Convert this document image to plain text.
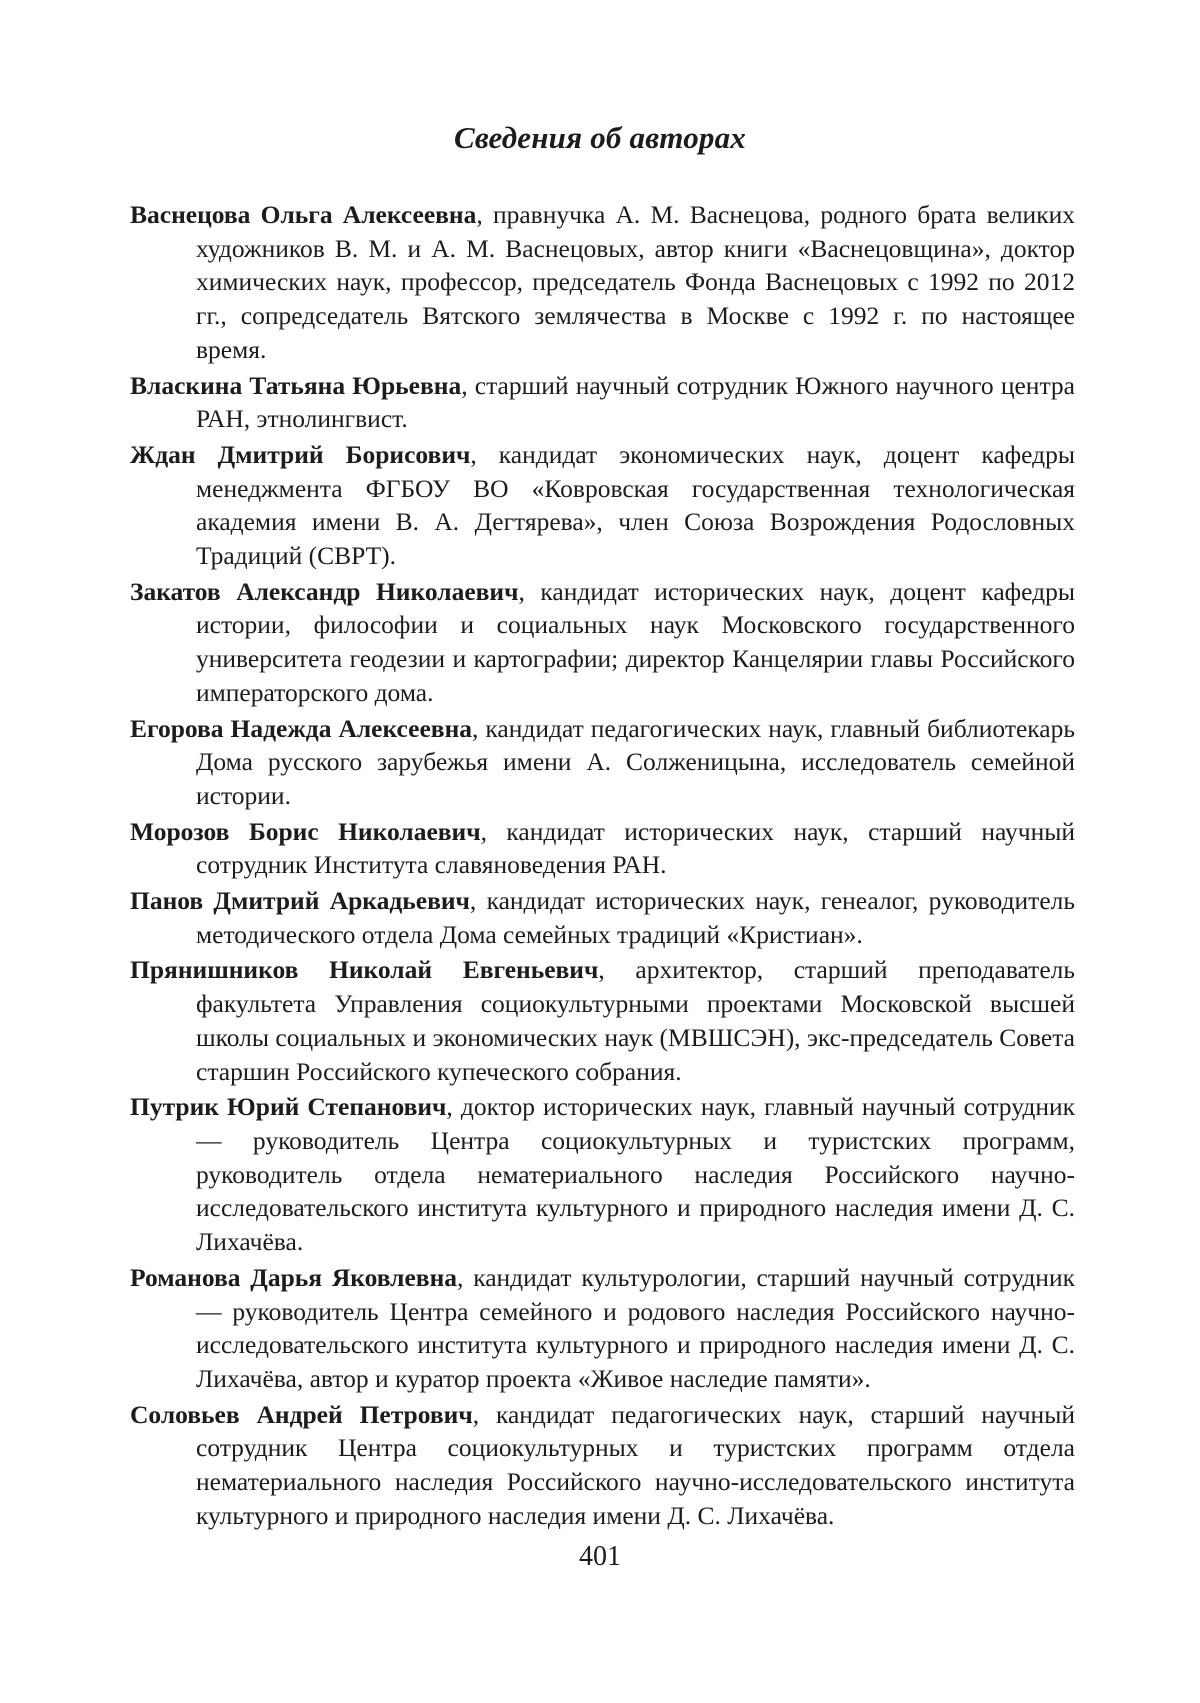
Сведения об авторах

Васнецова Ольга Алексеевна, правнучка А. М. Васнецова, родного брата великих художников В. М. и А. М. Васнецовых, автор книги «Васнецовщина», доктор химических наук, профессор, председатель Фонда Васнецовых с 1992 по 2012 гг., сопредседатель Вятского землячества в Москве с 1992 г. по настоящее время.

Власкина Татьяна Юрьевна, старший научный сотрудник Южного научного центра РАН, этнолингвист.

Ждан Дмитрий Борисович, кандидат экономических наук, доцент кафедры менеджмента ФГБОУ ВО «Ковровская государственная технологическая академия имени В. А. Дегтярева», член Союза Возрождения Родословных Традиций (СВРТ).

Закатов Александр Николаевич, кандидат исторических наук, доцент кафедры истории, философии и социальных наук Московского государственного университета геодезии и картографии; директор Канцелярии главы Российского императорского дома.

Егорова Надежда Алексеевна, кандидат педагогических наук, главный библиотекарь Дома русского зарубежья имени А. Солженицына, исследователь семейной истории.

Морозов Борис Николаевич, кандидат исторических наук, старший научный сотрудник Института славяноведения РАН.

Панов Дмитрий Аркадьевич, кандидат исторических наук, генеалог, руководитель методического отдела Дома семейных традиций «Кристиан».

Прянишников Николай Евгеньевич, архитектор, старший преподаватель факультета Управления социокультурными проектами Московской высшей школы социальных и экономических наук (МВШСЭН), экс-председатель Совета старшин Российского купеческого собрания.

Путрик Юрий Степанович, доктор исторических наук, главный научный сотрудник — руководитель Центра социокультурных и туристских программ, руководитель отдела нематериального наследия Российского научно-исследовательского института культурного и природного наследия имени Д. С. Лихачёва.

Романова Дарья Яковлевна, кандидат культурологии, старший научный сотрудник — руководитель Центра семейного и родового наследия Российского научно-исследовательского института культурного и природного наследия имени Д. С. Лихачёва, автор и куратор проекта «Живое наследие памяти».

Соловьев Андрей Петрович, кандидат педагогических наук, старший научный сотрудник Центра социокультурных и туристских программ отдела нематериального наследия Российского научно-исследовательского института культурного и природного наследия имени Д. С. Лихачёва.

401
